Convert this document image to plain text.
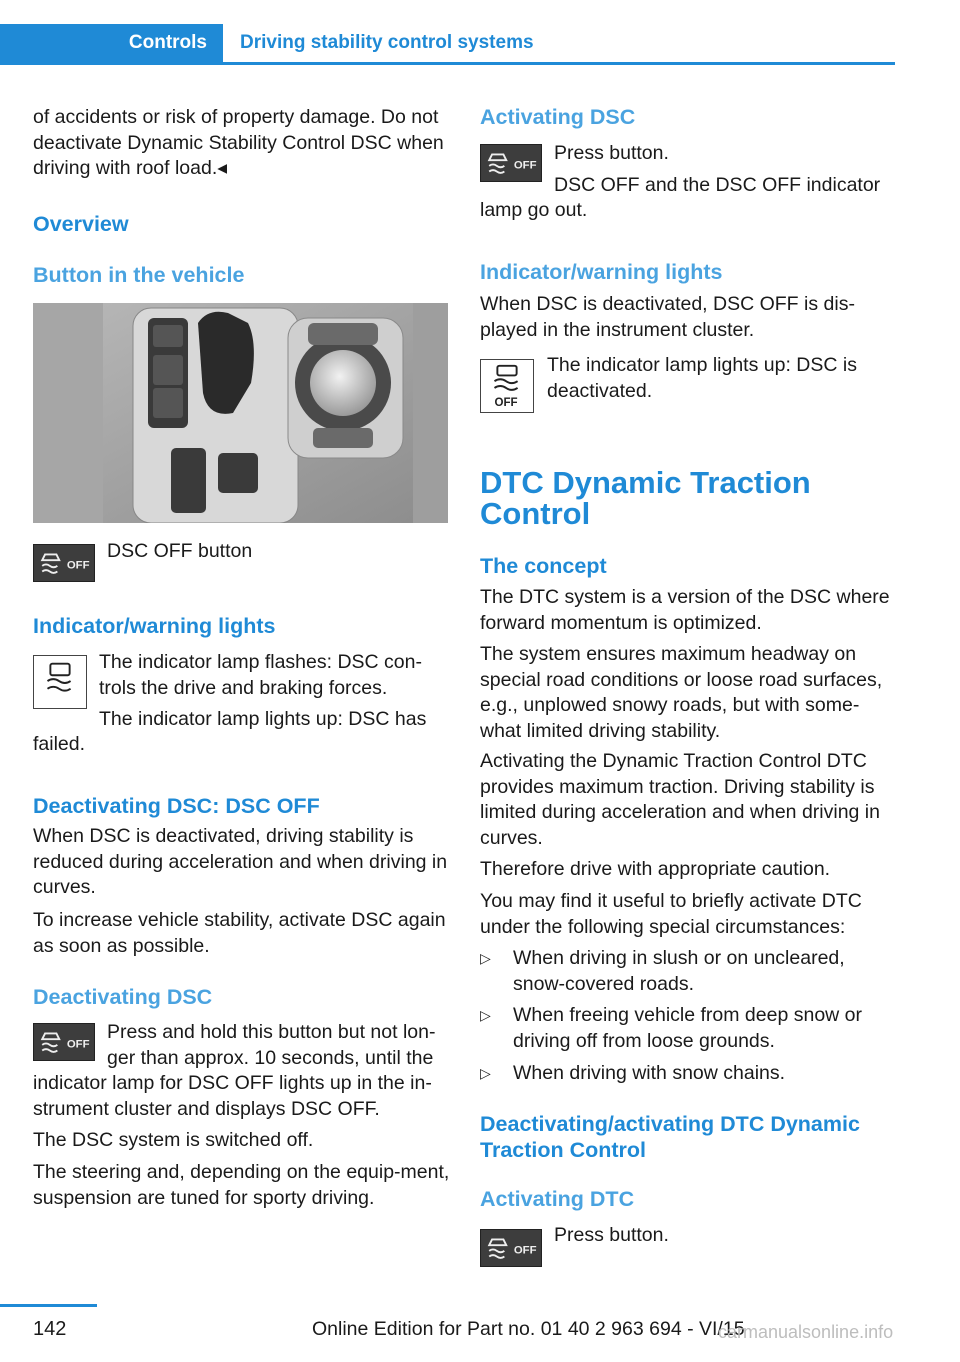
Controls Driving stability control systems

of accidents or risk of property damage. Do not deactivate Dynamic Stability Control DSC when driving with roof load.◂

Overview
Button in the vehicle
OFF

DSC OFF button

Indicator/warning lights

The indicator lamp flashes: DSC con-trols the drive and braking forces.

The indicator lamp lights up: DSC has

failed.

Deactivating DSC: DSC OFF

When DSC is deactivated, driving stability is reduced during acceleration and when driving in curves.

To increase vehicle stability, activate DSC again as soon as possible.

Deactivating DSC
OFF

Press and hold this button but not lon-ger than approx. 10 seconds, until the

indicator lamp for DSC OFF lights up in the in-strument cluster and displays DSC OFF.

The DSC system is switched off.

The steering and, depending on the equip-ment, suspension are tuned for sporty driving.

Activating DSC
OFF

Press button.

DSC OFF and the DSC OFF indicator

lamp go out.

Indicator/warning lights

When DSC is deactivated, DSC OFF is dis-played in the instrument cluster.

OFF

The indicator lamp lights up: DSC is deactivated.

DTC Dynamic Traction Control
The concept

The DTC system is a version of the DSC where forward momentum is optimized.

The system ensures maximum headway on special road conditions or loose road surfaces, e.g., unplowed snowy roads, but with some-what limited driving stability.

Activating the Dynamic Traction Control DTC provides maximum traction. Driving stability is limited during acceleration and when driving in curves.

Therefore drive with appropriate caution.

You may find it useful to briefly activate DTC under the following special circumstances:

▷ When driving in slush or on uncleared, snow-covered roads.
▷ When freeing vehicle from deep snow or driving off from loose grounds.
▷ When driving with snow chains.
Deactivating/activating DTC Dynamic Traction Control
Activating DTC
OFF

Press button.

142	Online Edition for Part no. 01 40 2 963 694 - VI/15
carmanualsonline.info
